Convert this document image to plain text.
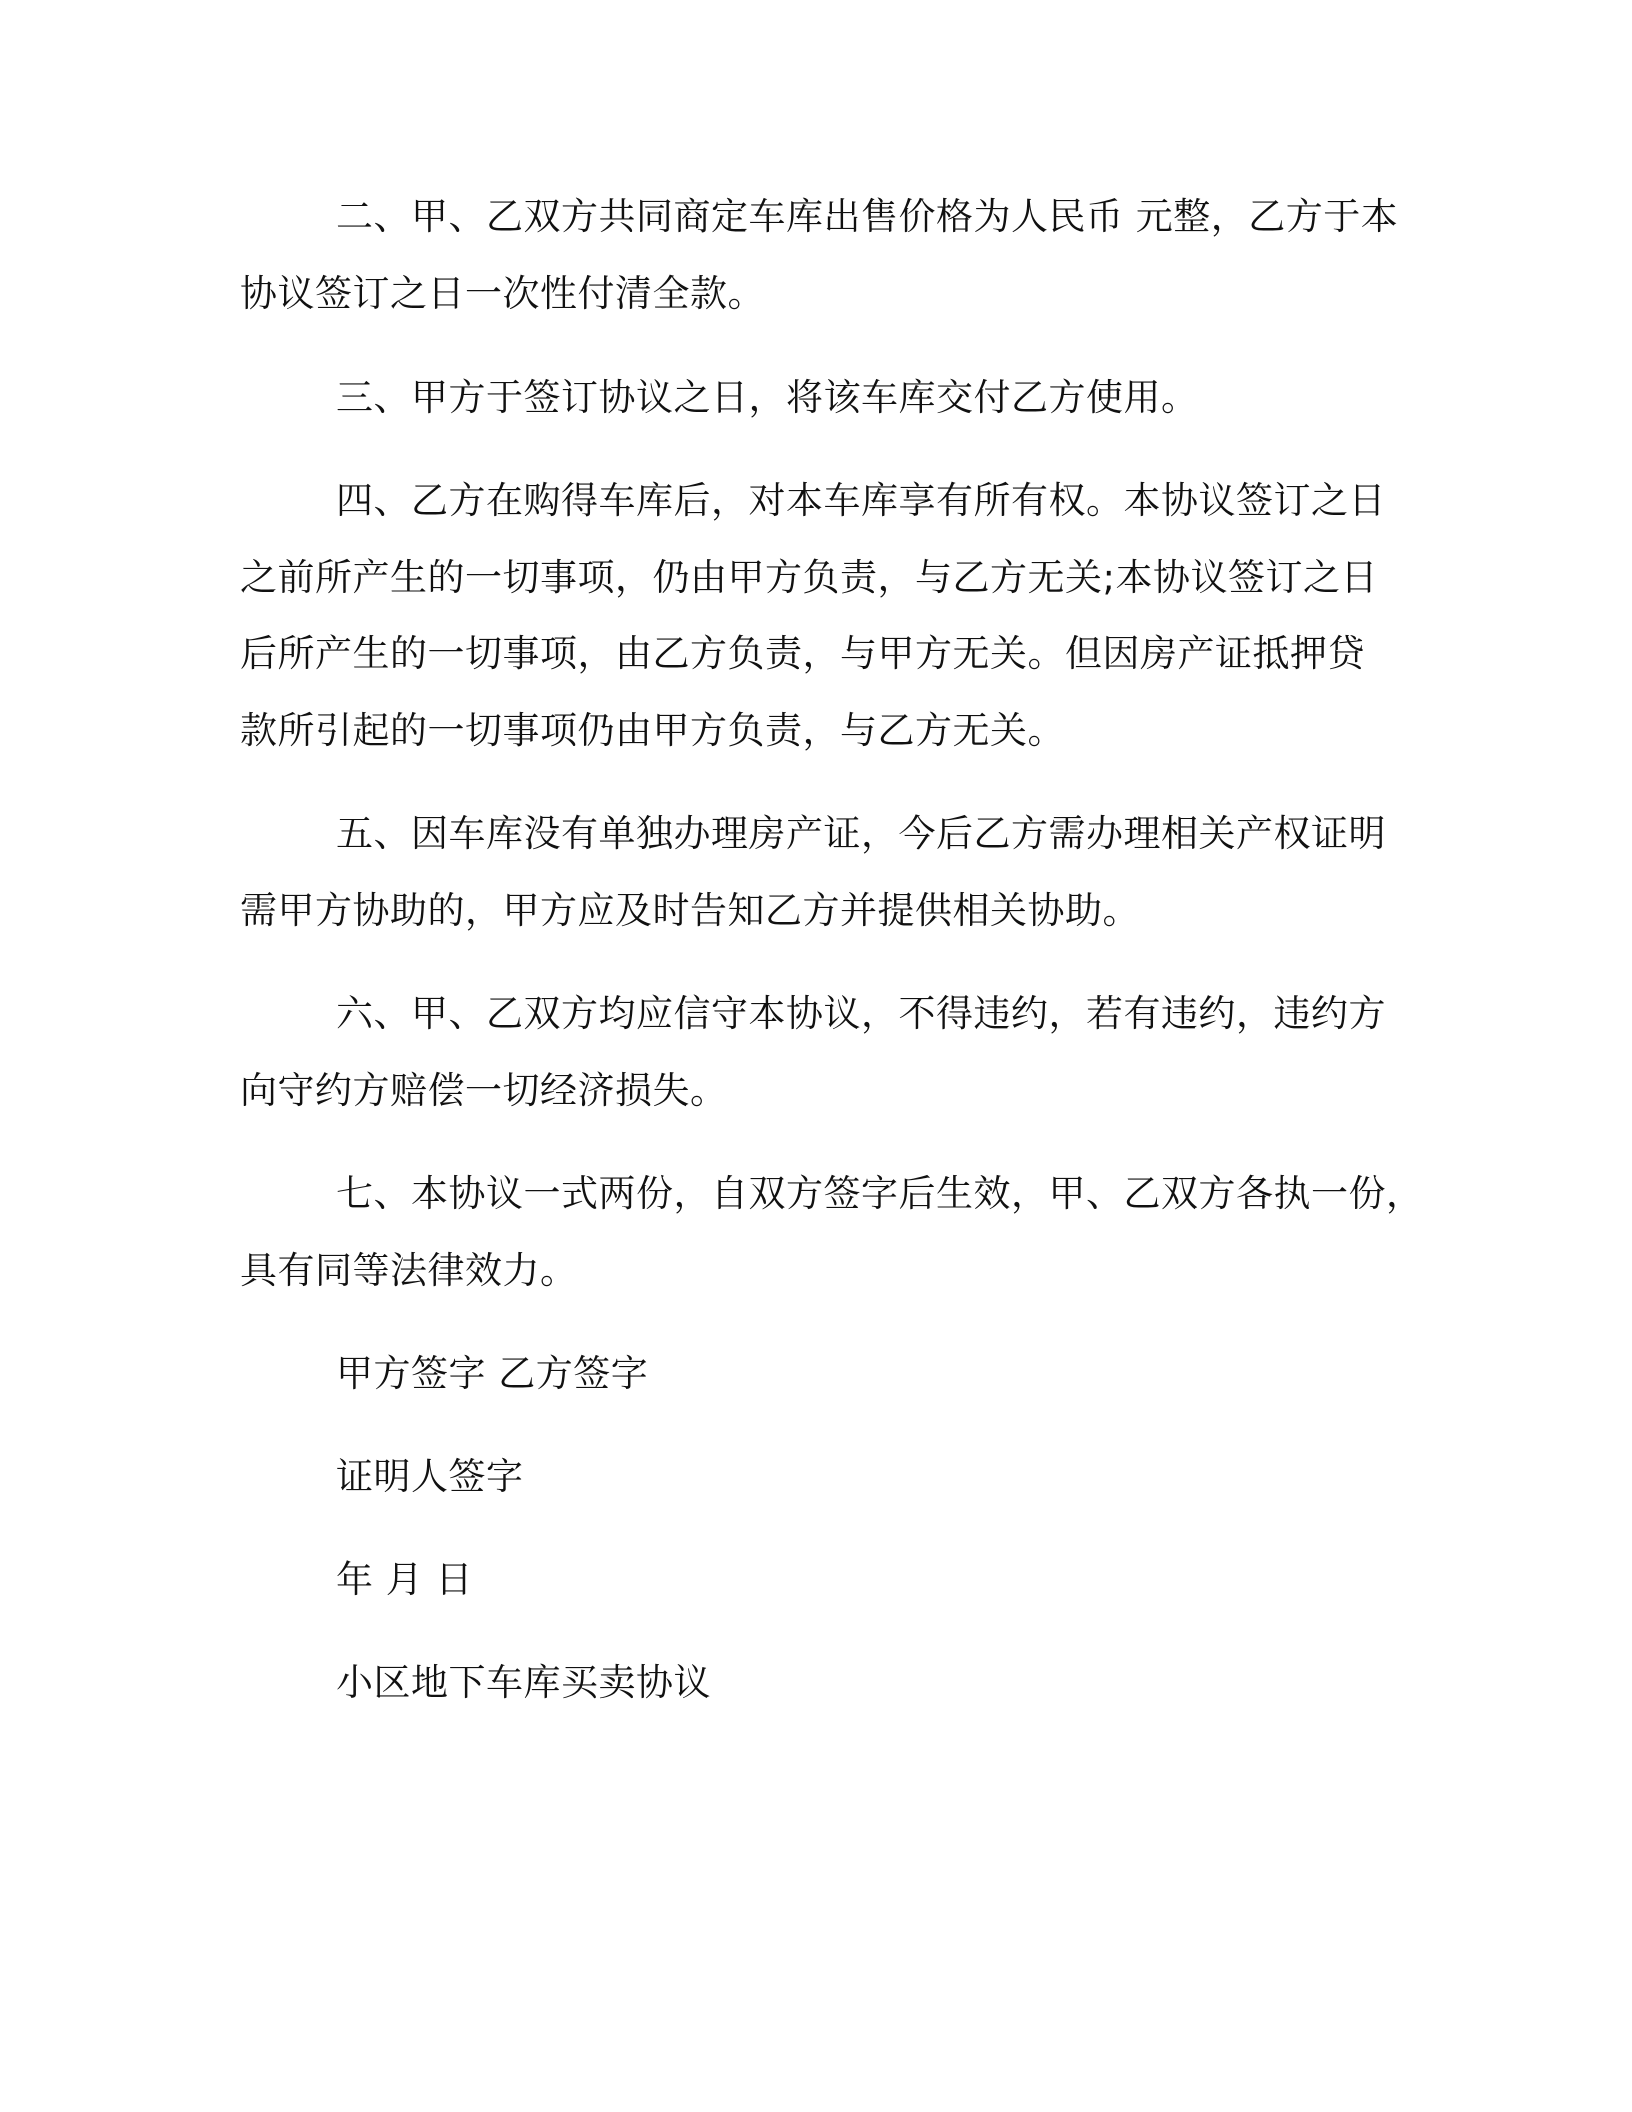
二、甲、乙双方共同商定车库出售价格为人民币 元整，乙方于本
协议签订之日一次性付清全款。
三、甲方于签订协议之日，将该车库交付乙方使用。
四、乙方在购得车库后，对本车库享有所有权。本协议签订之日
之前所产生的一切事项，仍由甲方负责，与乙方无关;本协议签订之日
后所产生的一切事项，由乙方负责，与甲方无关。但因房产证抵押贷
款所引起的一切事项仍由甲方负责，与乙方无关。
五、因车库没有单独办理房产证，今后乙方需办理相关产权证明
需甲方协助的，甲方应及时告知乙方并提供相关协助。
六、甲、乙双方均应信守本协议，不得违约，若有违约，违约方
向守约方赔偿一切经济损失。
七、本协议一式两份，自双方签字后生效，甲、乙双方各执一份，
具有同等法律效力。
甲方签字 乙方签字
证明人签字
年 月 日
小区地下车库买卖协议
